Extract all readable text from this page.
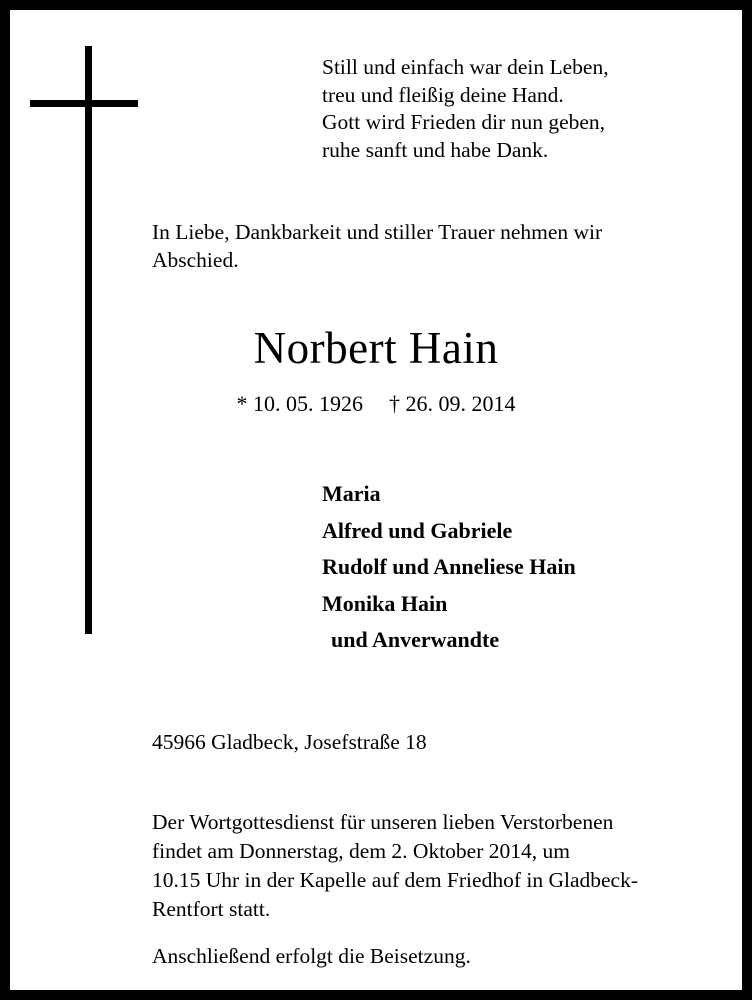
Still und einfach war dein Leben,
treu und fleißig deine Hand.
Gott wird Frieden dir nun geben,
ruhe sanft und habe Dank.
In Liebe, Dankbarkeit und stiller Trauer nehmen wir
Abschied.
Norbert Hain
* 10. 05. 1926 † 26. 09. 2014
Maria
Alfred und Gabriele
Rudolf und Anneliese Hain
Monika Hain
und Anverwandte
45966 Gladbeck, Josefstraße 18
Der Wortgottesdienst für unseren lieben Verstorbenen
findet am Donnerstag, dem 2. Oktober 2014, um
10.15 Uhr in der Kapelle auf dem Friedhof in Gladbeck-
Rentfort statt.
Anschließend erfolgt die Beisetzung.
